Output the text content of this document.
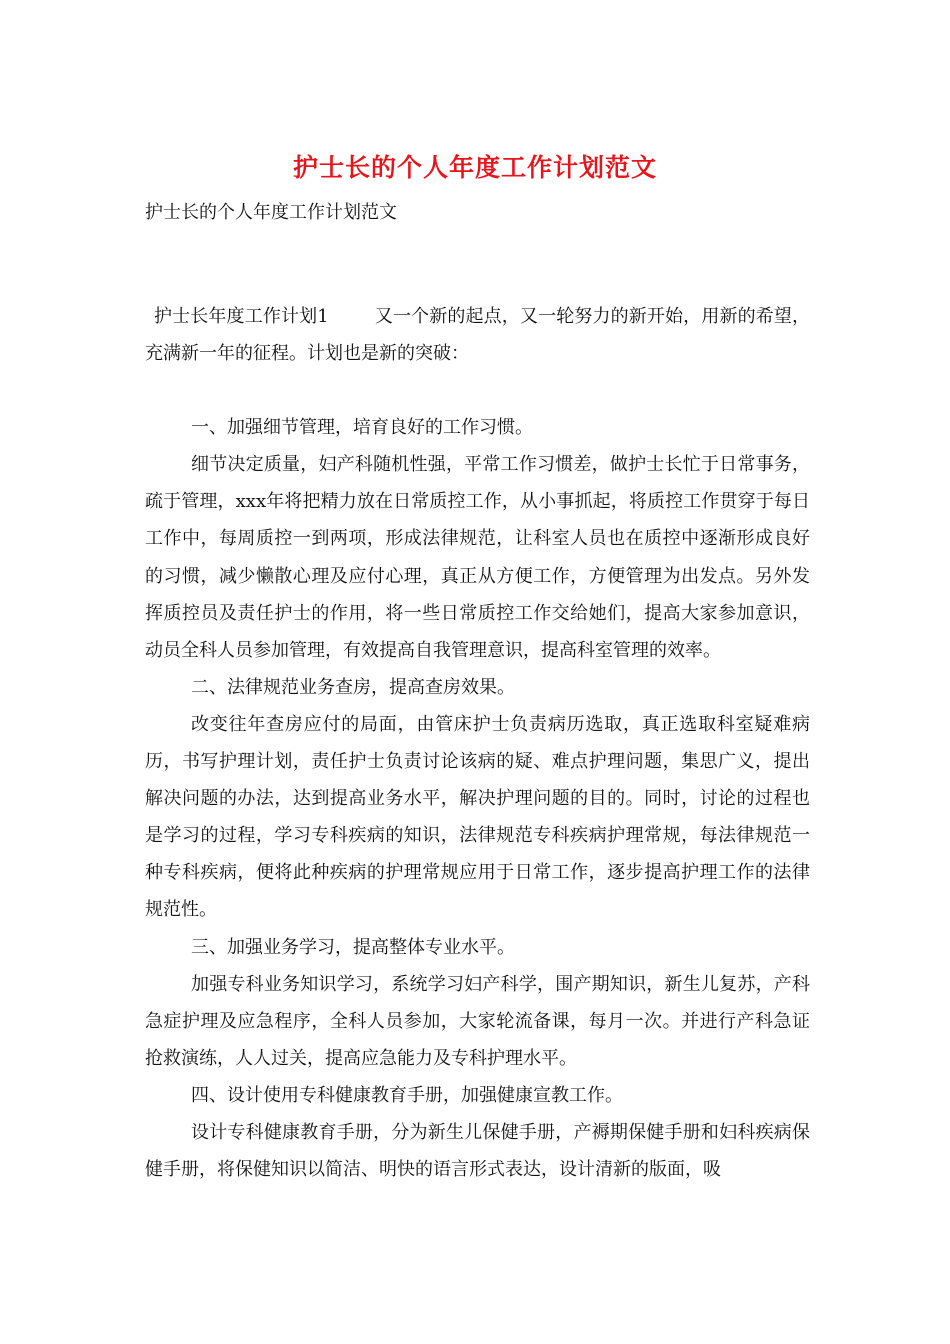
护士长的个人年度工作计划范文
护士长的个人年度工作计划范文

护士长年度工作计划1	又一个新的起点，又一轮努力的新开始，用新的希望，充满新一年的征程。计划也是新的突破：

一、加强细节管理，培育良好的工作习惯。

细节决定质量，妇产科随机性强，平常工作习惯差，做护士长忙于日常事务，疏于管理，xxx年将把精力放在日常质控工作，从小事抓起，将质控工作贯穿于每日工作中，每周质控一到两项，形成法律规范，让科室人员也在质控中逐渐形成良好的习惯，减少懒散心理及应付心理，真正从方便工作，方便管理为出发点。另外发挥质控员及责任护士的作用，将一些日常质控工作交给她们，提高大家参加意识，动员全科人员参加管理，有效提高自我管理意识，提高科室管理的效率。

二、法律规范业务查房，提高查房效果。

改变往年查房应付的局面，由管床护士负责病历选取，真正选取科室疑难病历，书写护理计划，责任护士负责讨论该病的疑、难点护理问题，集思广义，提出解决问题的办法，达到提高业务水平，解决护理问题的目的。同时，讨论的过程也是学习的过程，学习专科疾病的知识，法律规范专科疾病护理常规，每法律规范一种专科疾病，便将此种疾病的护理常规应用于日常工作，逐步提高护理工作的法律规范性。

三、加强业务学习，提高整体专业水平。

加强专科业务知识学习，系统学习妇产科学，围产期知识，新生儿复苏，产科急症护理及应急程序，全科人员参加，大家轮流备课，每月一次。并进行产科急证抢救演练，人人过关，提高应急能力及专科护理水平。

四、设计使用专科健康教育手册，加强健康宣教工作。

设计专科健康教育手册，分为新生儿保健手册，产褥期保健手册和妇科疾病保健手册，将保健知识以简洁、明快的语言形式表达，设计清新的版面，吸
